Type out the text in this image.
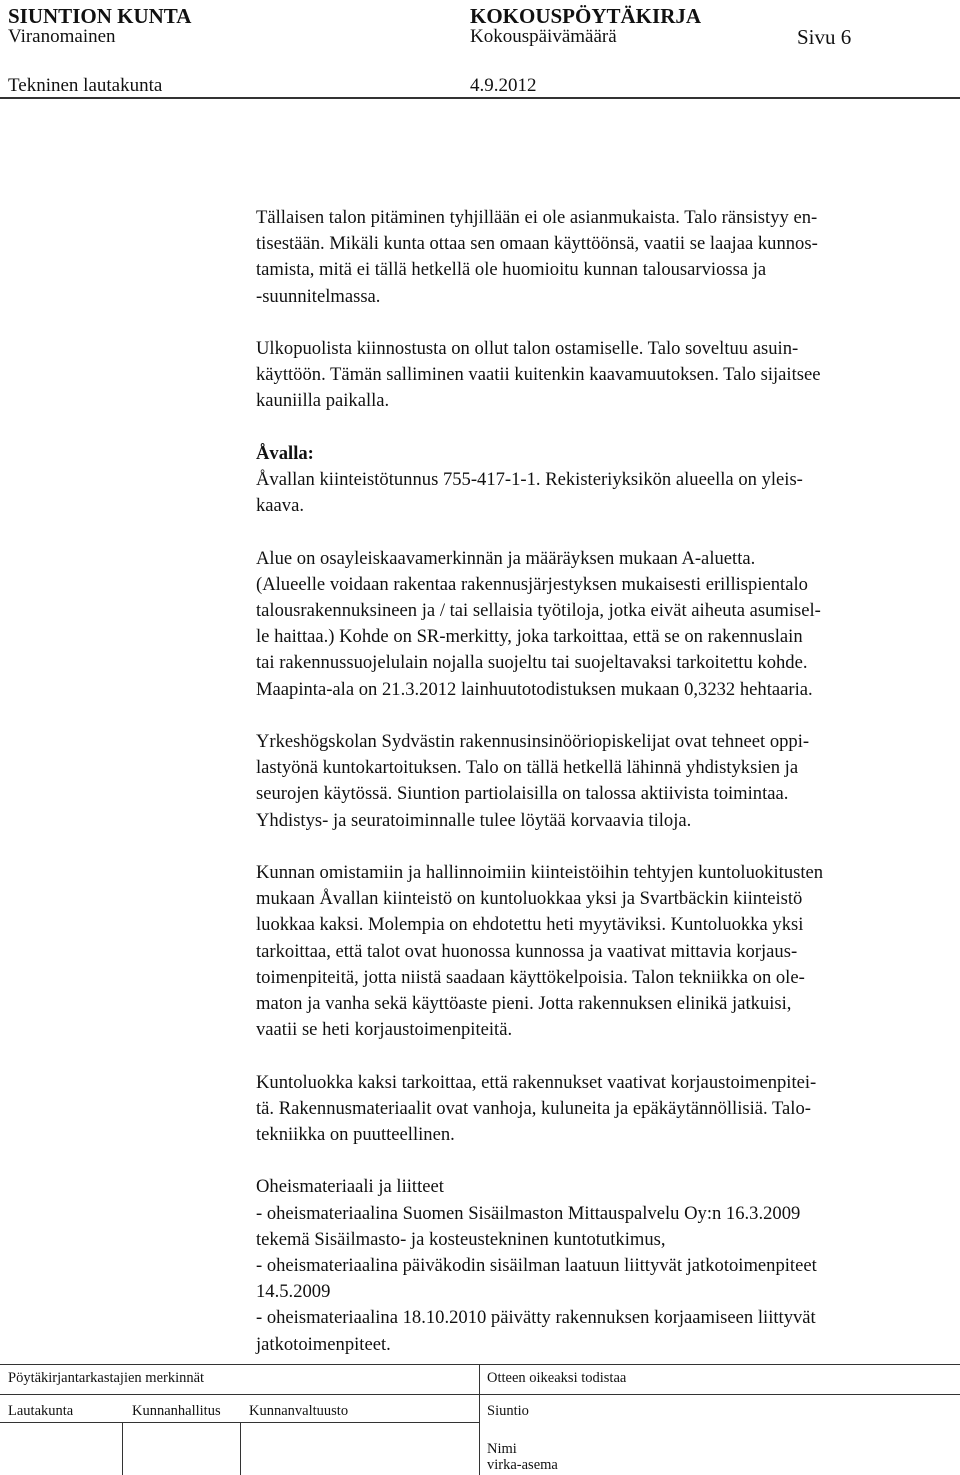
SIUNTION KUNTA	KOKOUSPÖYTÄKIRJA
Viranomainen	Kokouspäivämäärä	Sivu 6
Tekninen lautakunta	4.9.2012

Tällaisen talon pitäminen tyhjillään ei ole asianmukaista. Talo ränsistyy en-

tisestään. Mikäli kunta ottaa sen omaan käyttöönsä, vaatii se laajaa kunnos-

tamista, mitä ei tällä hetkellä ole huomioitu kunnan talousarviossa ja

-suunnitelmassa.

Ulkopuolista kiinnostusta on ollut talon ostamiselle. Talo soveltuu asuin-

käyttöön. Tämän salliminen vaatii kuitenkin kaavamuutoksen. Talo sijaitsee

kauniilla paikalla.

Åvalla:

Åvallan kiinteistötunnus 755-417-1-1. Rekisteriyksikön alueella on yleis-

kaava.

Alue on osayleiskaavamerkinnän ja määräyksen mukaan A-aluetta.

(Alueelle voidaan rakentaa rakennusjärjestyksen mukaisesti erillispientalo

talousrakennuksineen ja / tai sellaisia työtiloja, jotka eivät aiheuta asumisel-

le haittaa.) Kohde on SR-merkitty, joka tarkoittaa, että se on rakennuslain

tai rakennussuojelulain nojalla suojeltu tai suojeltavaksi tarkoitettu kohde.

Maapinta-ala on 21.3.2012 lainhuutotodistuksen mukaan 0,3232 hehtaaria.

Yrkeshögskolan Sydvästin rakennusinsinööriopiskelijat ovat tehneet oppi-

lastyönä kuntokartoituksen. Talo on tällä hetkellä lähinnä yhdistyksien ja

seurojen käytössä. Siuntion partiolaisilla on talossa aktiivista toimintaa.

Yhdistys- ja seuratoiminnalle tulee löytää korvaavia tiloja.

Kunnan omistamiin ja hallinnoimiin kiinteistöihin tehtyjen kuntoluokitusten

mukaan Åvallan kiinteistö on kuntoluokkaa yksi ja Svartbäckin kiinteistö

luokkaa kaksi. Molempia on ehdotettu heti myytäviksi. Kuntoluokka yksi

tarkoittaa, että talot ovat huonossa kunnossa ja vaativat mittavia korjaus-

toimenpiteitä, jotta niistä saadaan käyttökelpoisia. Talon tekniikka on ole-

maton ja vanha sekä käyttöaste pieni. Jotta rakennuksen elinikä jatkuisi,

vaatii se heti korjaustoimenpiteitä.

Kuntoluokka kaksi tarkoittaa, että rakennukset vaativat korjaustoimenpitei-

tä. Rakennusmateriaalit ovat vanhoja, kuluneita ja epäkäytännöllisiä. Talo-

tekniikka on puutteellinen.

Oheismateriaali ja liitteet

- oheismateriaalina Suomen Sisäilmaston Mittauspalvelu Oy:n 16.3.2009

tekemä Sisäilmasto- ja kosteustekninen kuntotutkimus,

- oheismateriaalina päiväkodin sisäilman laatuun liittyvät jatkotoimenpiteet

14.5.2009

- oheismateriaalina 18.10.2010 päivätty rakennuksen korjaamiseen liittyvät

jatkotoimenpiteet.

Pöytäkirjantarkastajien merkinnät	Otteen oikeaksi todistaa
Lautakunta	Kunnanhallitus Kunnanvaltuusto	Siuntio
Nimi
virka-asema
